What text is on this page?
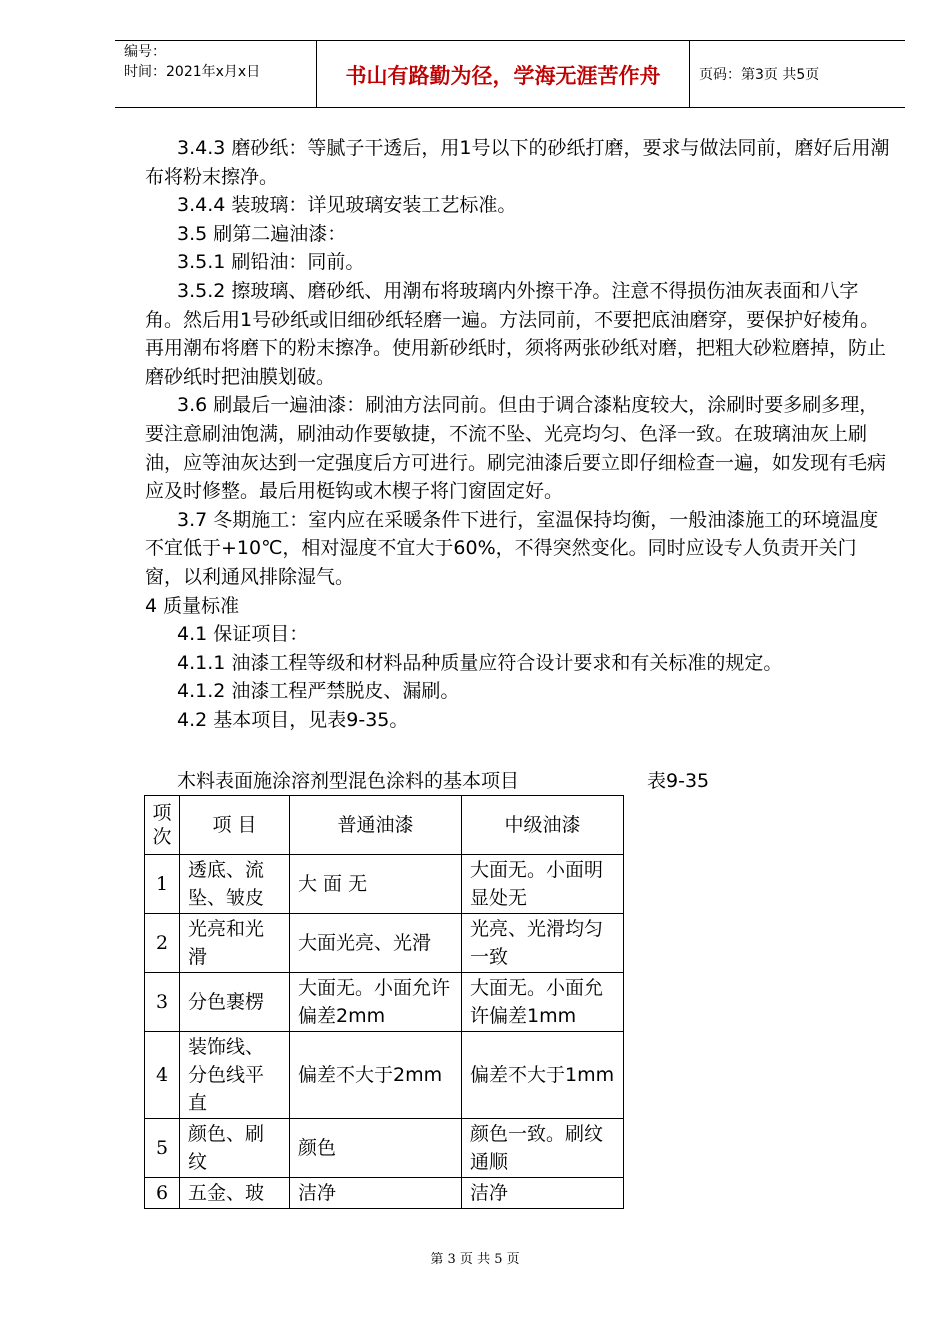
编号：
时间：2021年x月x日	书山有路勤为径，学海无涯苦作舟	页码：第3页 共5页

3.4.3 磨砂纸：等腻子干透后，用1号以下的砂纸打磨，要求与做法同前，磨好后用潮布将粉末擦净。

3.4.4 装玻璃：详见玻璃安装工艺标准。

3.5 刷第二遍油漆：

3.5.1 刷铅油：同前。

3.5.2 擦玻璃、磨砂纸、用潮布将玻璃内外擦干净。注意不得损伤油灰表面和八字角。然后用1号砂纸或旧细砂纸轻磨一遍。方法同前，不要把底油磨穿，要保护好棱角。再用潮布将磨下的粉末擦净。使用新砂纸时，须将两张砂纸对磨，把粗大砂粒磨掉，防止磨砂纸时把油膜划破。

3.6 刷最后一遍油漆：刷油方法同前。但由于调合漆粘度较大，涂刷时要多刷多理，要注意刷油饱满，刷油动作要敏捷，不流不坠、光亮均匀、色泽一致。在玻璃油灰上刷油，应等油灰达到一定强度后方可进行。刷完油漆后要立即仔细检查一遍，如发现有毛病应及时修整。最后用梃钩或木楔子将门窗固定好。

3.7 冬期施工：室内应在采暖条件下进行，室温保持均衡，一般油漆施工的环境温度不宜低于+10℃，相对湿度不宜大于60%，不得突然变化。同时应设专人负责开关门窗，以利通风排除湿气。

4 质量标准

4.1 保证项目：

4.1.1 油漆工程等级和材料品种质量应符合设计要求和有关标准的规定。

4.1.2 油漆工程严禁脱皮、漏刷。

4.2 基本项目，见表9-35。

木料表面施涂溶剂型混色涂料的基本项目	表9-35
项次	项 目	普通油漆	中级油漆
1	透底、流坠、皱皮	大 面 无	大面无。小面明显处无
2	光亮和光滑	大面光亮、光滑	光亮、光滑均匀一致
3	分色裹楞	大面无。小面允许偏差2mm	大面无。小面允许偏差1mm
4	装饰线、分色线平直	偏差不大于2mm	偏差不大于1mm
5	颜色、刷纹	颜色	颜色一致。刷纹通顺
6	五金、玻	洁净	洁净
第 3 页 共 5 页
